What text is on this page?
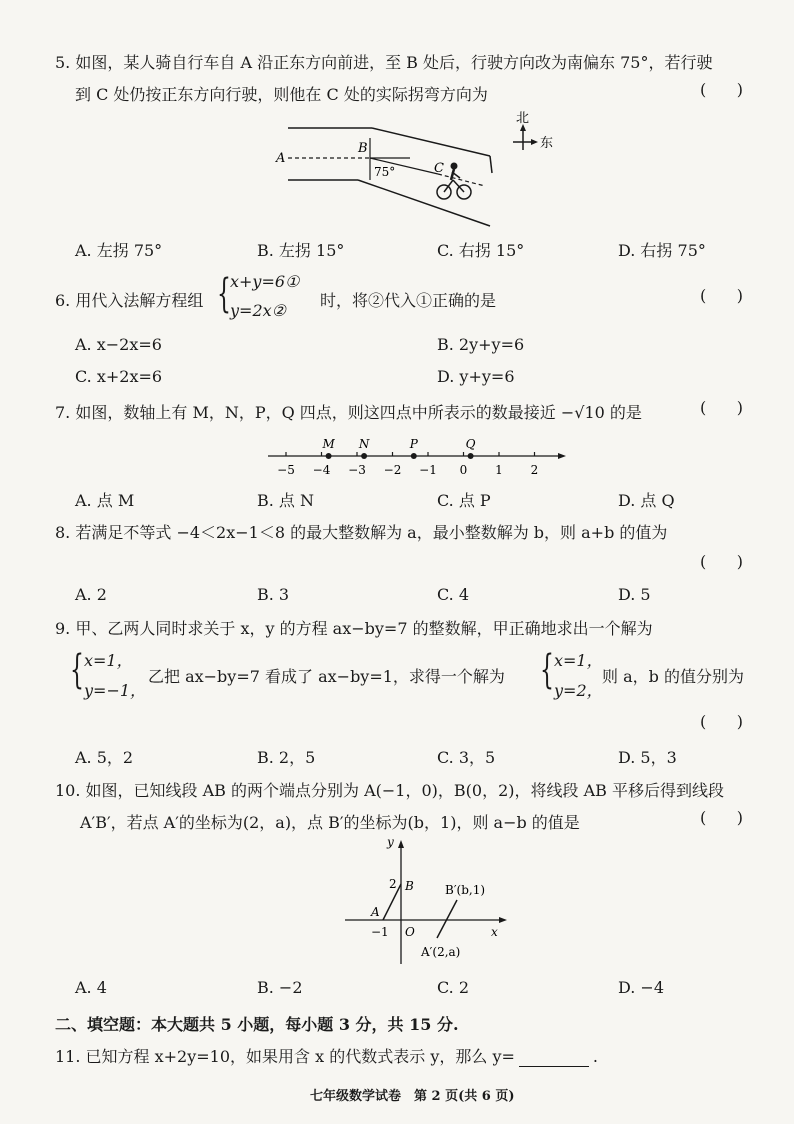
5. 如图，某人骑自行车自 A 沿正东方向前进，至 B 处后，行驶方向改为南偏东 75°，若行驶
到 C 处仍按正东方向行驶，则他在 C 处的实际拐弯方向为	(      )
A
B
C
75°
北
东
A. 左拐 75°	B. 左拐 15°	C. 右拐 15°	D. 右拐 75°
6. 用代入法解方程组 { x+y=6①
y=2x②
时，将②代入①正确的是	(      )
A. x−2x=6	B. 2y+y=6
C. x+2x=6	D. y+y=6
7. 如图，数轴上有 M，N，P，Q 四点，则这四点中所表示的数最接近 −√10 的是	(      )
−5 −4 −3 −2 −1 0 1 2
M N	P	Q
A. 点 M	B. 点 N	C. 点 P	D. 点 Q
8. 若满足不等式 −4＜2x−1＜8 的最大整数解为 a，最小整数解为 b，则 a+b 的值为
(      )
A. 2	B. 3	C. 4	D. 5
9. 甲、乙两人同时求关于 x，y 的方程 ax−by=7 的整数解，甲正确地求出一个解为
{ x=1，
y=−1，
乙把 ax−by=7 看成了 ax−by=1，求得一个解为 { x=1，
y=2，
则 a，b 的值分别为
(      )
A. 5，2	B. 2，5	C. 3，5	D. 5，3
10. 如图，已知线段 AB 的两个端点分别为 A(−1，0)，B(0，2)，将线段 AB 平移后得到线段
A′B′，若点 A′的坐标为(2，a)，点 B′的坐标为(b，1)，则 a−b 的值是	(      )
y
x
2 B
A
−1 O
B′(b,1)
A′(2,a)
A. 4	B. −2	C. 2	D. −4
二、填空题：本大题共 5 小题，每小题 3 分，共 15 分.
11. 已知方程 x+2y=10，如果用含 x 的代数式表示 y，那么 y=	.
七年级数学试卷　第 2 页(共 6 页)
